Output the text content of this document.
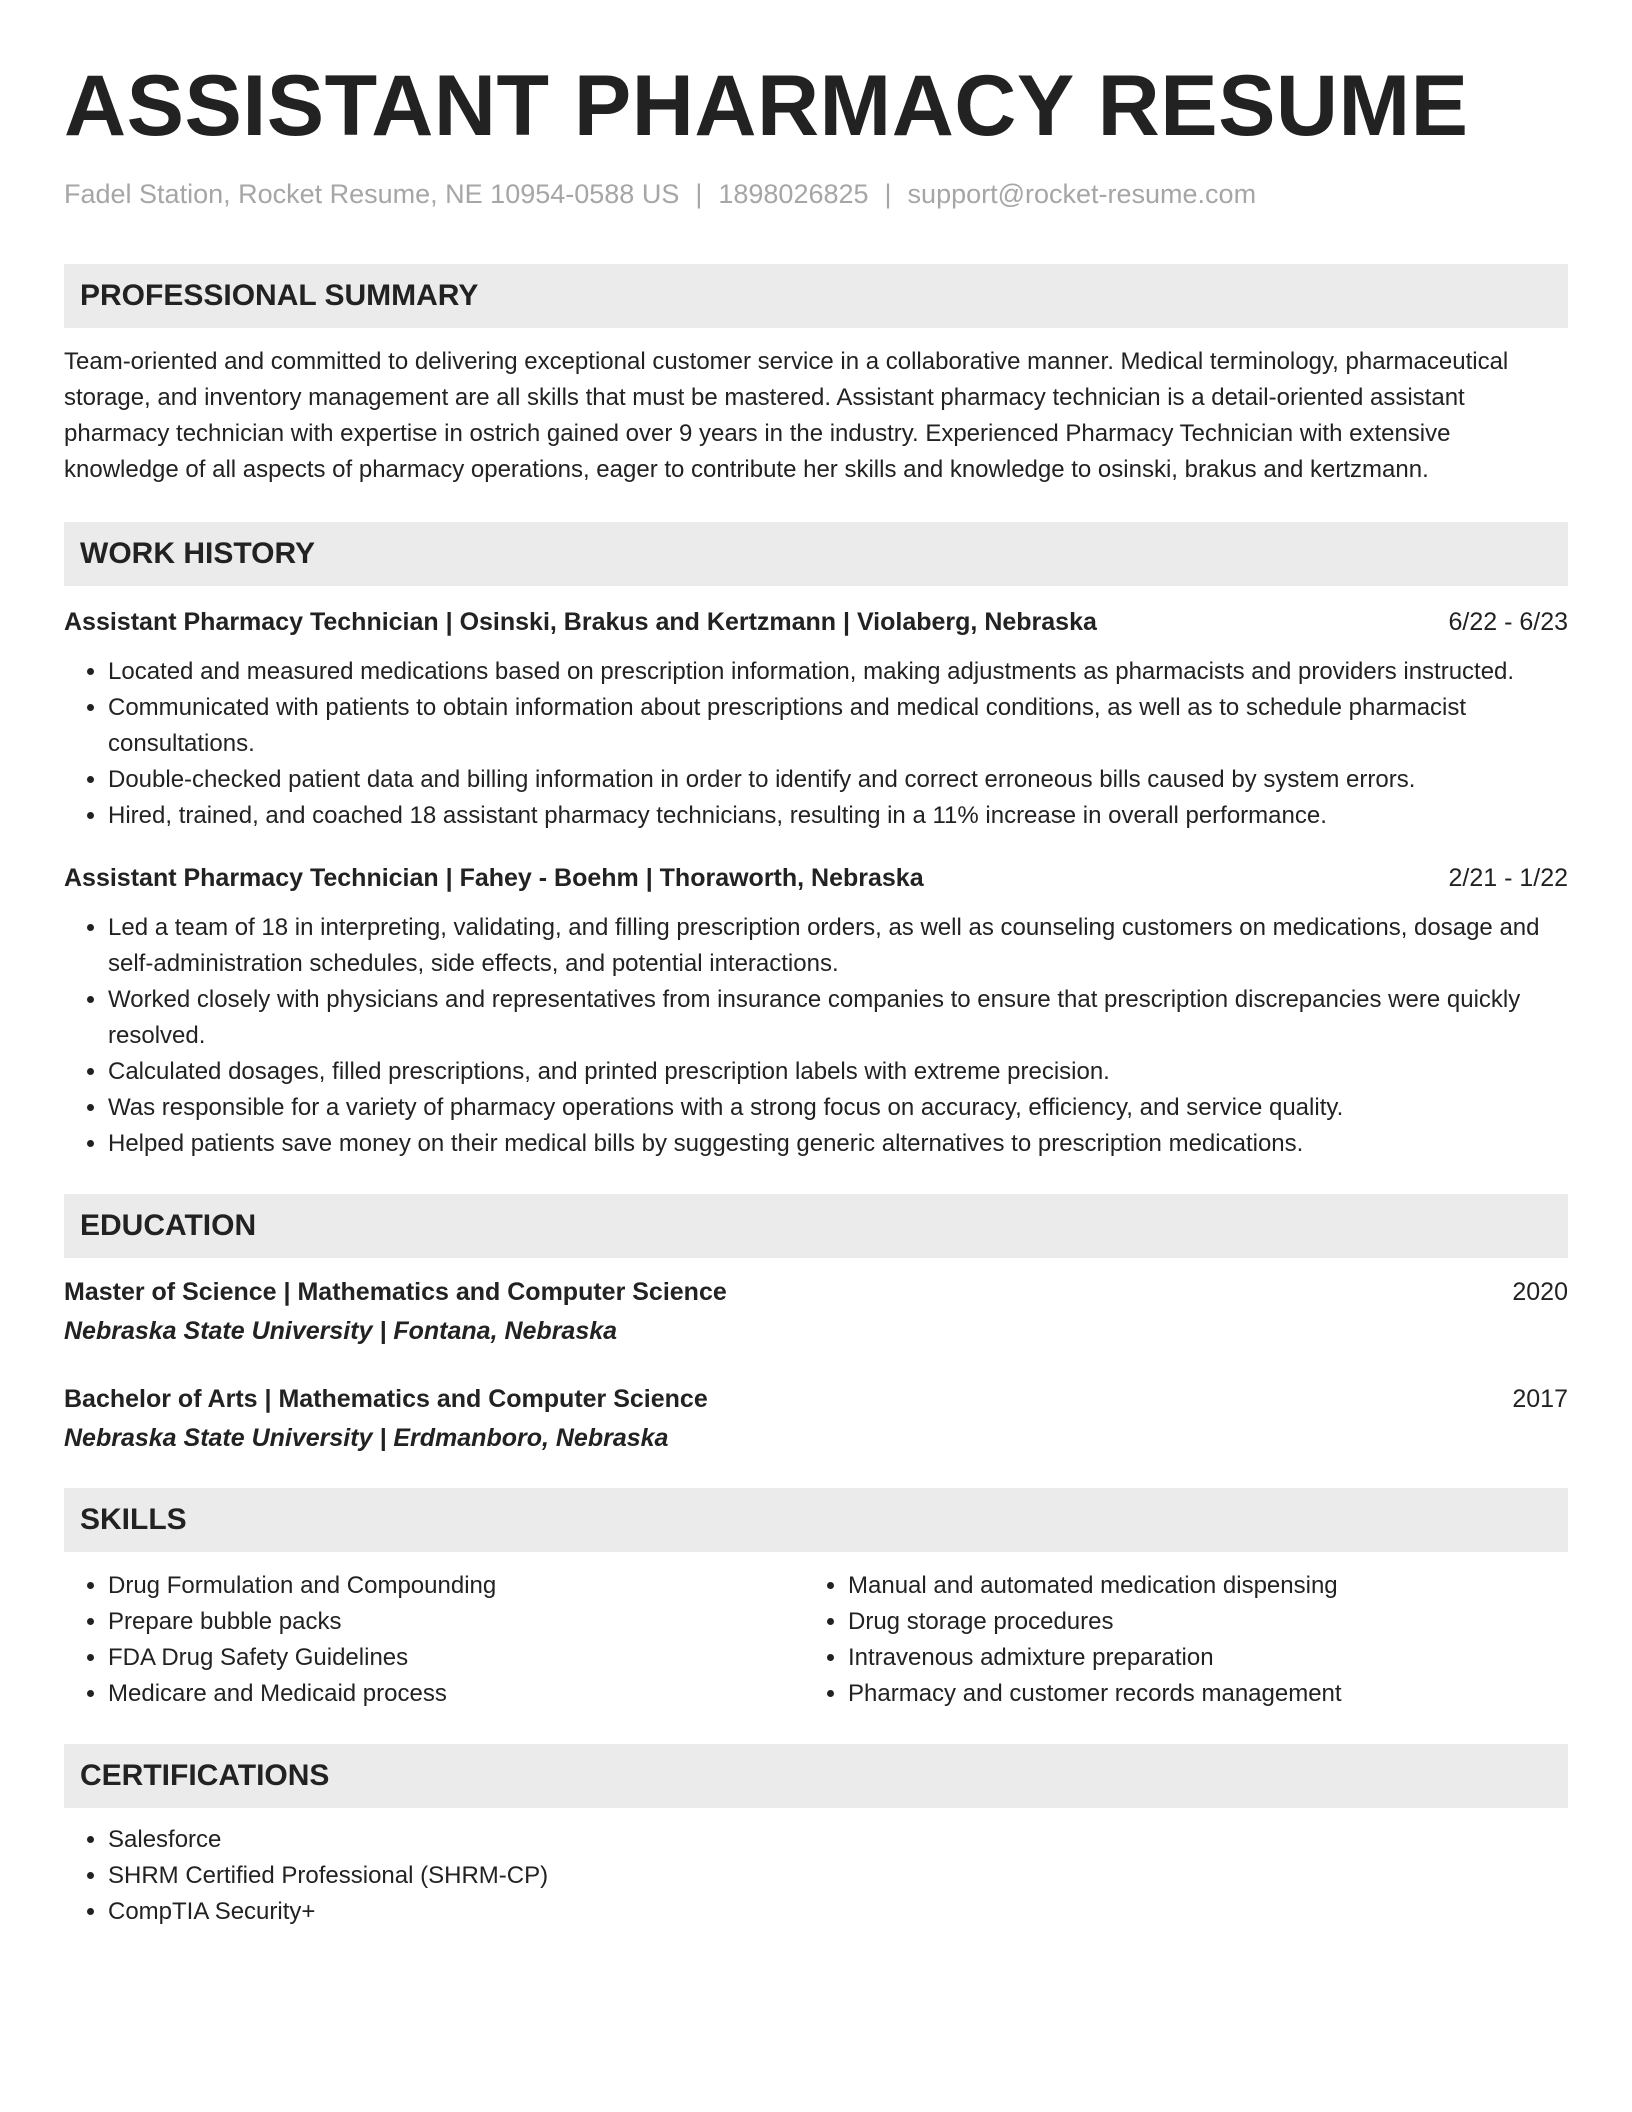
ASSISTANT PHARMACY RESUME
Fadel Station, Rocket Resume, NE 10954-0588 US | 1898026825 | support@rocket-resume.com
PROFESSIONAL SUMMARY
Team-oriented and committed to delivering exceptional customer service in a collaborative manner. Medical terminology, pharmaceutical storage, and inventory management are all skills that must be mastered. Assistant pharmacy technician is a detail-oriented assistant pharmacy technician with expertise in ostrich gained over 9 years in the industry. Experienced Pharmacy Technician with extensive knowledge of all aspects of pharmacy operations, eager to contribute her skills and knowledge to osinski, brakus and kertzmann.
WORK HISTORY
Assistant Pharmacy Technician | Osinski, Brakus and Kertzmann | Violaberg, Nebraska	6/22 - 6/23
• Located and measured medications based on prescription information, making adjustments as pharmacists and providers instructed.
• Communicated with patients to obtain information about prescriptions and medical conditions, as well as to schedule pharmacist consultations.
• Double-checked patient data and billing information in order to identify and correct erroneous bills caused by system errors.
• Hired, trained, and coached 18 assistant pharmacy technicians, resulting in a 11% increase in overall performance.
Assistant Pharmacy Technician | Fahey - Boehm | Thoraworth, Nebraska	2/21 - 1/22
• Led a team of 18 in interpreting, validating, and filling prescription orders, as well as counseling customers on medications, dosage and self-administration schedules, side effects, and potential interactions.
• Worked closely with physicians and representatives from insurance companies to ensure that prescription discrepancies were quickly resolved.
• Calculated dosages, filled prescriptions, and printed prescription labels with extreme precision.
• Was responsible for a variety of pharmacy operations with a strong focus on accuracy, efficiency, and service quality.
• Helped patients save money on their medical bills by suggesting generic alternatives to prescription medications.
EDUCATION
Master of Science | Mathematics and Computer Science	2020
Nebraska State University | Fontana, Nebraska
Bachelor of Arts | Mathematics and Computer Science	2017
Nebraska State University | Erdmanboro, Nebraska
SKILLS
• Drug Formulation and Compounding
• Prepare bubble packs
• FDA Drug Safety Guidelines
• Medicare and Medicaid process
• Manual and automated medication dispensing
• Drug storage procedures
• Intravenous admixture preparation
• Pharmacy and customer records management
CERTIFICATIONS
• Salesforce
• SHRM Certified Professional (SHRM-CP)
• CompTIA Security+
